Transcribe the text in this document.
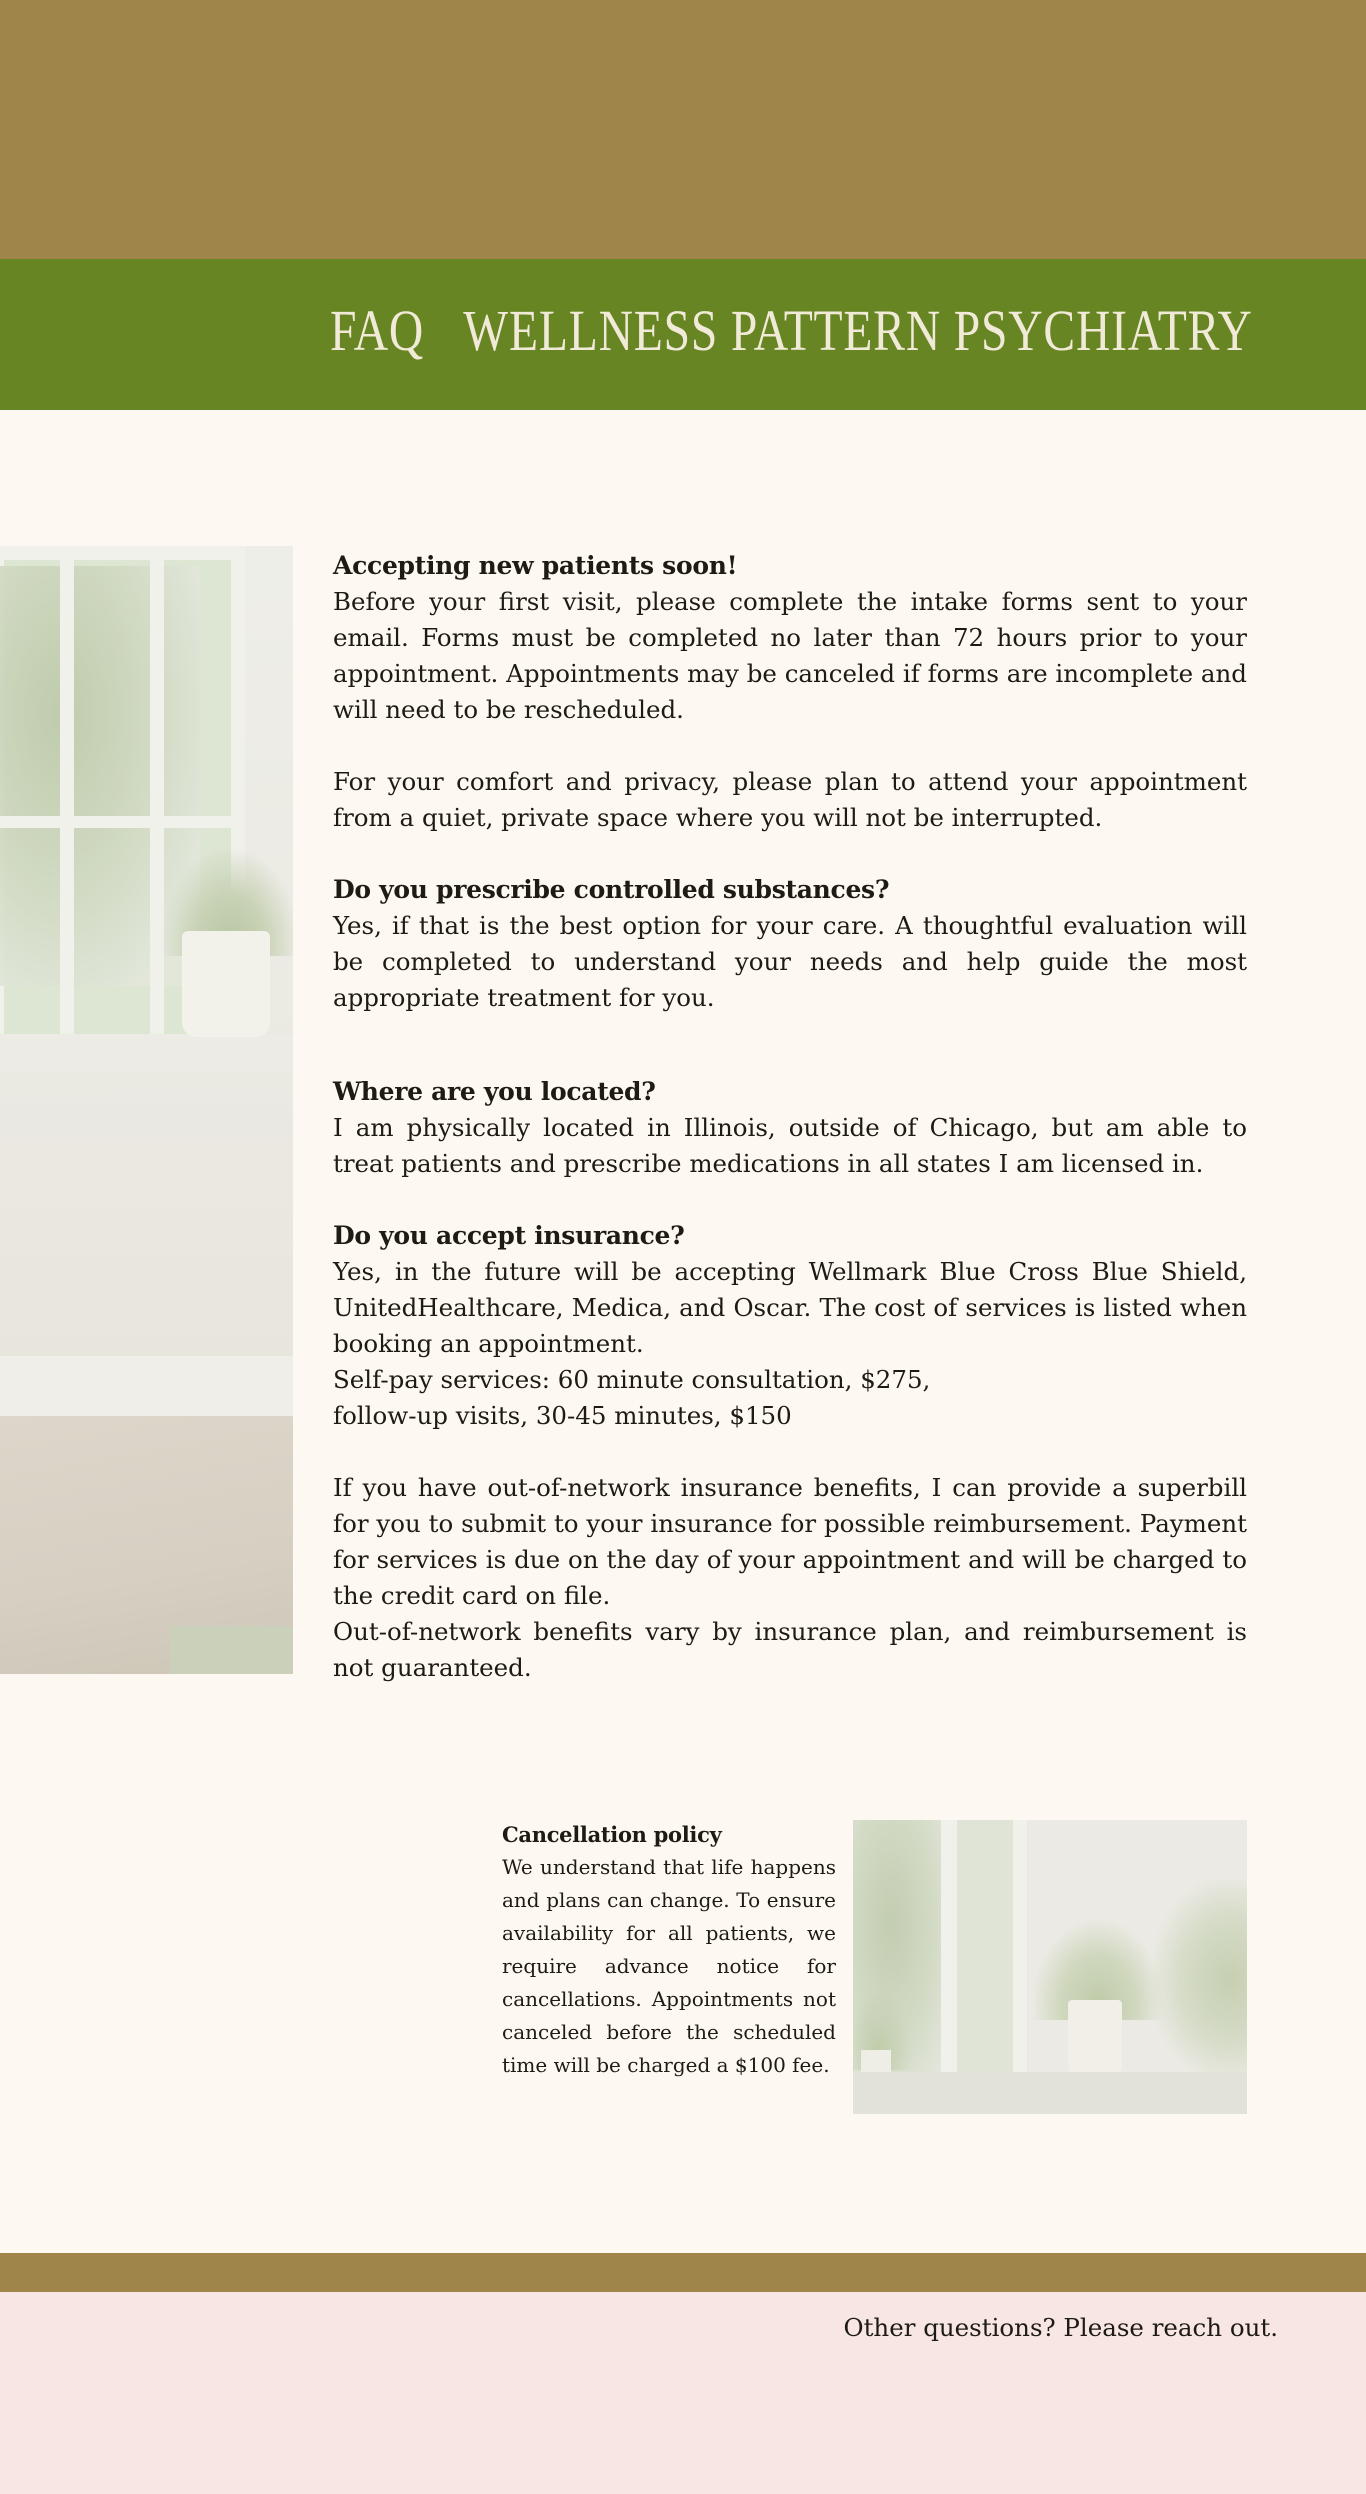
FAQ WELLNESS PATTERN PSYCHIATRY

Accepting new patients soon!

Before your first visit, please complete the intake forms sent to your email. Forms must be completed no later than 72 hours prior to your appointment. Appointments may be canceled if forms are incomplete and will need to be rescheduled.

For your comfort and privacy, please plan to attend your appointment from a quiet, private space where you will not be interrupted.

Do you prescribe controlled substances?

Yes, if that is the best option for your care. A thoughtful evaluation will be completed to understand your needs and help guide the most appropriate treatment for you.

Where are you located?

I am physically located in Illinois, outside of Chicago, but am able to treat patients and prescribe medications in all states I am licensed in.

Do you accept insurance?

Yes, in the future will be accepting Wellmark Blue Cross Blue Shield, UnitedHealthcare, Medica, and Oscar. The cost of services is listed when booking an appointment.

Self-pay services: 60 minute consultation, $275,

follow-up visits, 30-45 minutes, $150

If you have out-of-network insurance benefits, I can provide a superbill for you to submit to your insurance for possible reimbursement. Payment for services is due on the day of your appointment and will be charged to the credit card on file.

Out-of-network benefits vary by insurance plan, and reimbursement is not guaranteed.

Cancellation policy

We understand that life happens and plans can change. To ensure availability for all patients, we require advance notice for cancellations. Appointments not canceled before the scheduled time will be charged a $100 fee.

Other questions? Please reach out.
